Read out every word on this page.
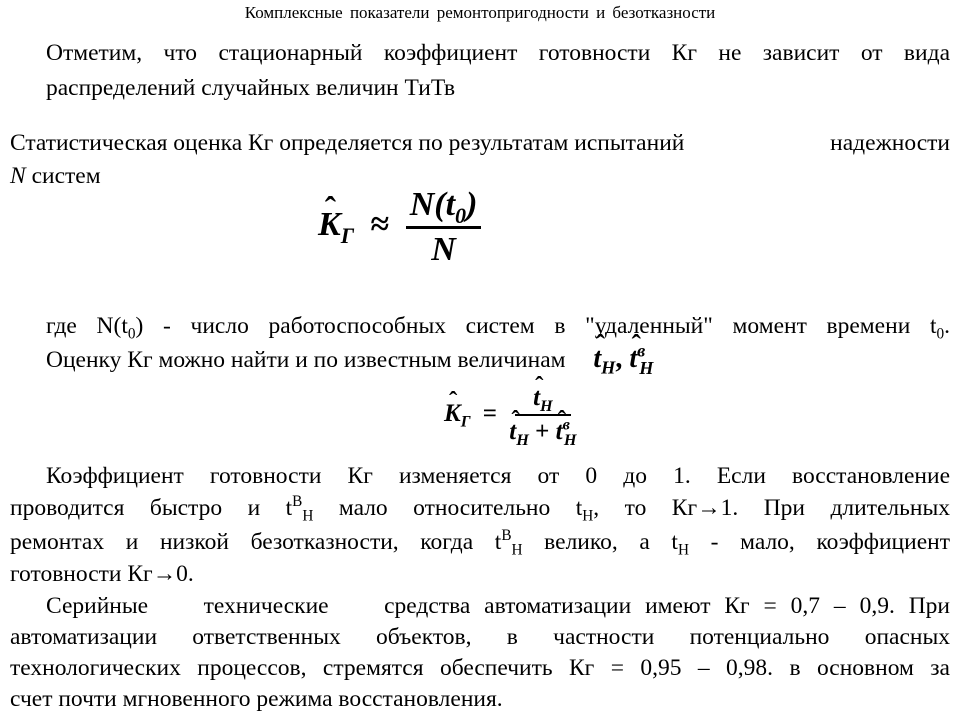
Комплексные показатели ремонтопригодности и безотказности
Отметим, что стационарный коэффициент готовности Кг не зависит от вида
распределений случайных величин ТиТв
Статистическая оценка Кг определяется по результатам испытаний	надежности
N систем
ˆ $K_Г \approx \frac{N(t_0)}{N}$
где $N(t_0)$ - число работоспособных систем в "удаленный" момент времени $t_0$.
Оценку Кг можно найти и по известным величинам ˆ $t_H$, ˆ $t^в_H$
ˆ $K_Г$ = ˆ $t_H$
ˆ $t_H$ + ˆ $t^в_H$
Коэффициент готовности Кг изменяется от 0 до 1. Если восстановление
проводится быстро и $t^В_Н$ мало относительно $t_Н$, то Кг→1. При длительных
ремонтах и низкой безотказности, когда $t^В_Н$ велико, а $t_Н$ - мало, коэффициент
готовности Кг→0.
Серийные    технические    средства автоматизации имеют Кг = 0,7 – 0,9. При
автоматизации ответственных объектов, в частности потенциально опасных
технологических процессов, стремятся обеспечить Кг = 0,95 – 0,98. в основном за
счет почти мгновенного режима восстановления.
